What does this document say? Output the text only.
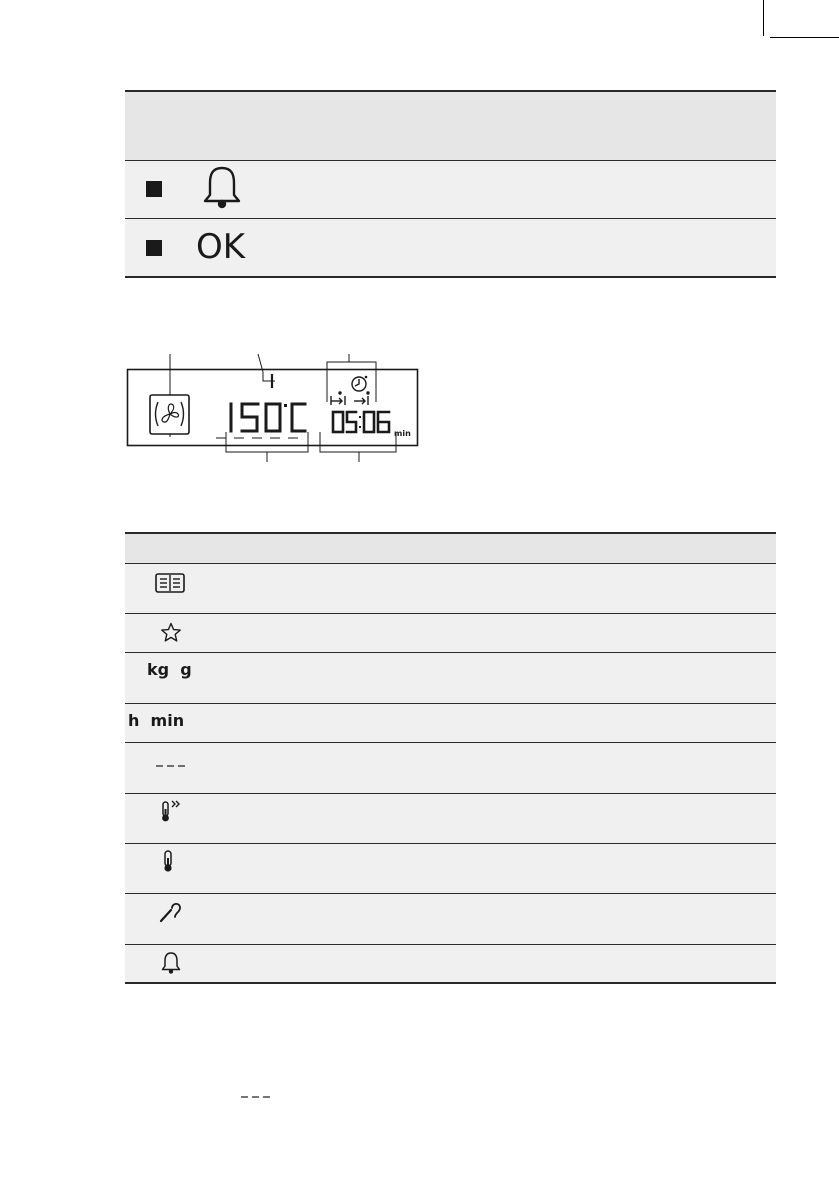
OK
min
kg  g
h  min
